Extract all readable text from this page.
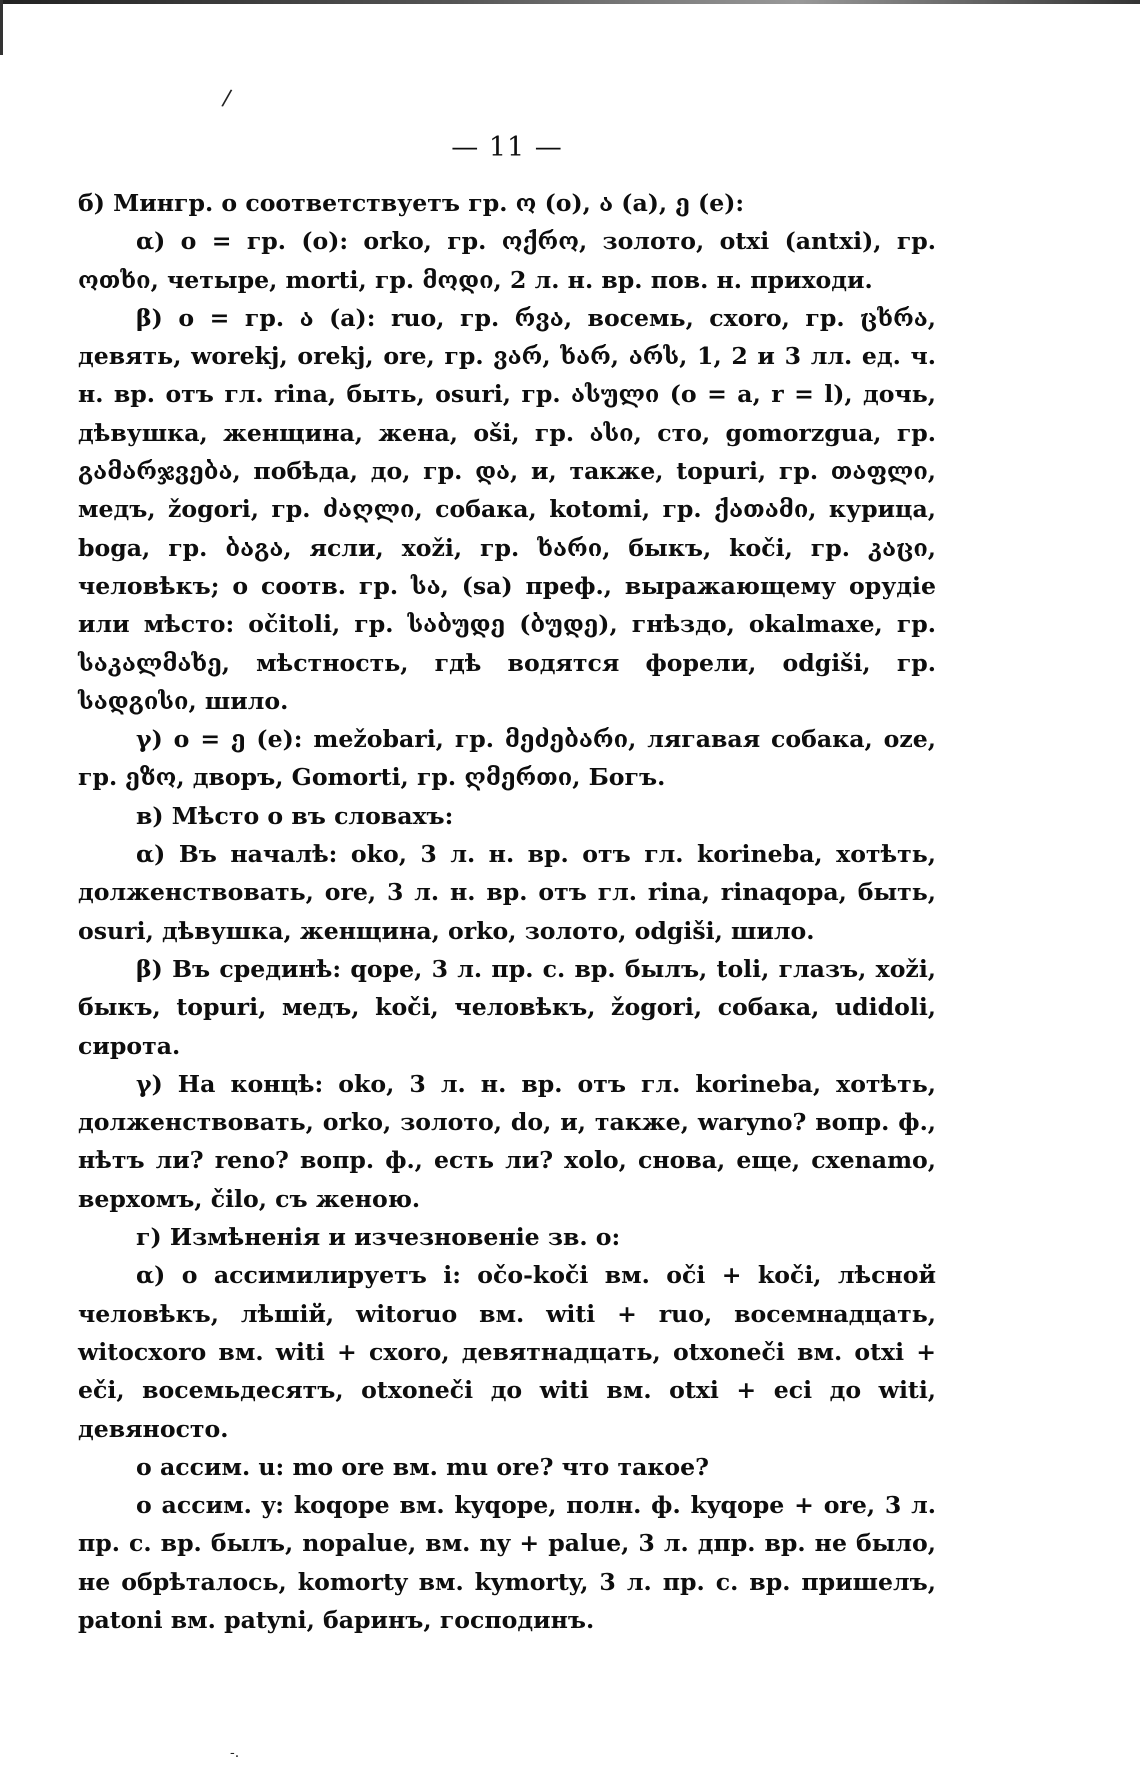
/
-.
— 11 —

б) Мингр. o соответствуетъ гр. ო (o), ა (a), ე (e):

α) o = гр. (o): orko, гр. ოქრო, золото, otxi (antxi), гр. ოთხი, четыре, morti, гр. მოდი, 2 л. н. вр. пов. н. приходи.

β) o = гр. ა (a): ruo, гр. რვა, восемь, cxoro, гр. ცხრა, девять, worekj, orekj, ore, гр. ვარ, ხარ, არს, 1, 2 и 3 лл. ед. ч. н. вр. отъ гл. rina, быть, osuri, гр. ასული (o = a, r = l), дочь, дѣвушка, женщина, жена, oši, гр. ასი, сто, gomorzgua, гр. გამარჯვება, побѣда, до, гр. და, и, также, topuri, гр. თაფლი, медъ, žogori, гр. ძაღლი, собака, kotomi, гр. ქათამი, курица, boga, гр. ბაგა, ясли, xoži, гр. ხარი, быкъ, koči, гр. კაცი, человѣкъ; o соотв. гр. სა, (sa) преф., выражающему орудіе или мѣсто: očitoli, гр. საბუდე (ბუდე), гнѣздо, okalmaxe, гр. საკალმახე, мѣстность, гдѣ водятся форели, odgiši, гр. სადგისი, шило.

γ) o = ე (e): mežobari, гр. მეძებარი, лягавая собака, oze, гр. ეზო, дворъ, Gomorti, гр. ღმერთი, Богъ.

в) Мѣсто o въ словахъ:

α) Въ началѣ: oko, 3 л. н. вр. отъ гл. korineba, хотѣть, долженствовать, ore, 3 л. н. вр. отъ гл. rina, rinaqopa, быть, osuri, дѣвушка, женщина, orko, золото, odgiši, шило.

β) Въ срединѣ: qope, 3 л. пр. с. вр. былъ, toli, глазъ, xoži, быкъ, topuri, медъ, koči, человѣкъ, žogori, собака, udidoli, сирота.

γ) На концѣ: oko, 3 л. н. вр. отъ гл. korineba, хотѣть, долженствовать, orko, золото, do, и, также, waryno? вопр. ф., нѣтъ ли? reno? вопр. ф., есть ли? xolo, снова, еще, cxenamo, верхомъ, čilo, съ женою.

г) Измѣненія и изчезновеніе зв. o:

α) o ассимилируетъ i: očo-koči вм. oči + koči, лѣсной человѣкъ, лѣшій, witoruo вм. witi + ruo, восемнадцать, witocxoro вм. witi + cxoro, девятнадцать, otxoneči вм. otxi + eči, восемьдесятъ, otxoneči до witi вм. otxi + eci до witi, девяносто.

o ассим. u: mo ore вм. mu ore? что такое?

o ассим. y: koqope вм. kyqope, полн. ф. kyqope + ore, 3 л. пр. с. вр. былъ, nopalue, вм. ny + palue, 3 л. дпр. вр. не было, не обрѣталось, komorty вм. kymorty, 3 л. пр. с. вр. пришелъ, patoni вм. patyni, баринъ, господинъ.
